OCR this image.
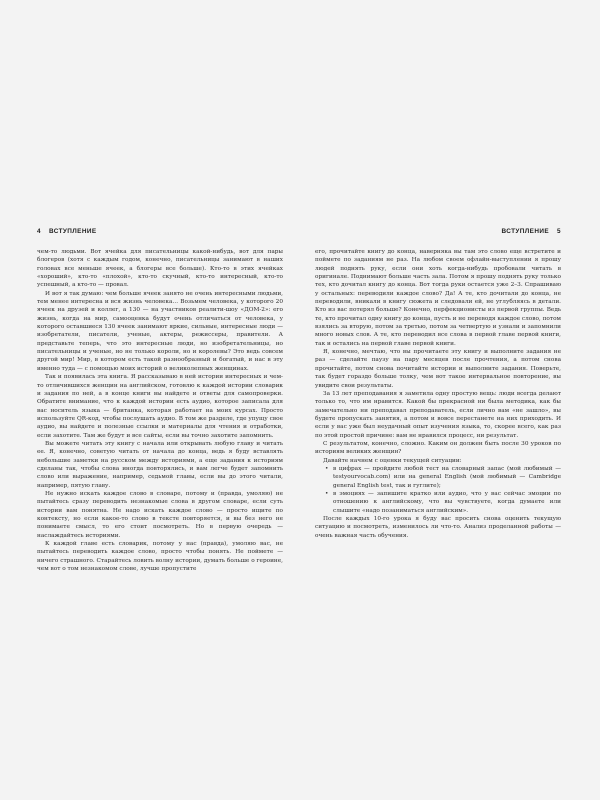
4 ВСТУПЛЕНИЕ

чем-то людьми. Вот ячейка для писательницы какой-нибудь, вот для пары блогеров (хотя с каждым годом, конечно, писательницы занимают в наших головах все меньше ячеек, а блогеры все больше). Кто-то в этих ячейках «хороший», кто-то «плохой», кто-то скучный, кто-то интересный, кто-то успешный, а кто-то — провал.

И вот я так думаю: чем больше ячеек занято не очень интересными людьми, тем менее интересна и вся жизнь человека… Возьмем человека, у которого 20 ячеек на друзей и коллег, а 130 — на участников реалити-шоу «ДОМ-2»: его жизнь, когда на мир, самооценка будут очень отличаться от человека, у которого оставшиеся 130 ячеек занимают яркие, сильные, интересные люди — изобретатели, писатели, ученые, актеры, режиссеры, правители. А представьте теперь, что это интересные люди, но изобретательницы, но писательницы и ученые, но не только короли, но и королевы? Это ведь совсем другой мир! Мир, в котором есть такой разнообразный и богатый, и нас в эту именно туда — с помощью моих историй о великолепных женщинах.

Так и появилась эта книга. Я рассказываю в ней истории интересных и чем-то отличившихся женщин на английском, готовлю к каждой истории словарик и задания по ней, а в конце книги вы найдете и ответы для самопроверки. Обратите внимание, что к каждой истории есть аудио, которое записала для вас носитель языка — британка, которая работает на моих курсах. Просто используйте QR-код, чтобы послушать аудио. В том же разделе, где упущу свое аудио, вы найдете и полезные ссылки и материалы для чтения и отработки, если захотите. Там же будут и все сайты, если вы точно захотите запомнить.

Вы можете читать эту книгу с начала или открывать любую главу и читать ее. Я, конечно, советую читать от начала до конца, ведь я буду вставлять небольшие заметки на русском между историями, а еще задания к историям сделаны так, чтобы слова иногда повторялись, и вам легче будет запомнить слово или выражение, например, седьмой главы, если вы до этого читали, например, пятую главу.

Не нужно искать каждое слово в словаре, потому и (правда, умоляю) не пытайтесь сразу переводить незнакомые слова в другом словаре, если суть истории вам понятна. Не надо искать каждое слово — просто ищите по контексту, но если какое-то слово в тексте повторяется, и вы без него не понимаете смысл, то его стоит посмотреть. Но в первую очередь — наслаждайтесь историями.

К каждой главе есть словарик, потому у нас (правда), умоляю вас, не пытайтесь переводить каждое слово, просто чтобы понять. Не поймете — ничего страшного. Старайтесь ловить волну истории, думать больше о героине, чем вот о том незнакомом слове, лучше пропустите

ВСТУПЛЕНИЕ 5

его, прочитайте книгу до конца, наверняка вы там это слово еще встретите и поймете по заданиям не раз. На любом своем офлайн-выступлении я прошу людей поднять руку, если они хоть когда-нибудь пробовали читать в оригинале. Поднимают больше часть зала. Потом я прошу поднять руку только тех, кто дочитал книгу до конца. Вот тогда руки остается уже 2–3. Спрашиваю у остальных: переводили каждое слово? Да! А те, кто дочитали до конца, не переводили, вникали в книгу сюжета и следовали ей, не углубляясь в детали. Кто из вас потерял больше? Конечно, перфекционисты из первой группы. Ведь те, кто прочитал одну книгу до конца, пусть и не переводя каждое слово, потом взялись за вторую, потом за третью, потом за четвертую и узнали и запомнили много новых слов. А те, кто переводил все слова в первой главе первой книги, так и остались на первой главе первой книги.

Я, конечно, мечтаю, что вы прочитаете эту книгу и выполните задания не раз — сделайте паузу на пару месяцев после прочтения, а потом снова прочитайте, потом снова почитайте истории и выполните задания. Поверьте, так будет гораздо больше толку, чем вот такое интервальное повторение, вы увидите свои результаты.

За 13 лет преподавания я заметила одну простую вещь: люди всегда делают только то, что им нравится. Какой бы прекрасной ни была методика, как бы замечательно ни преподавал преподаватель, если лично вам «не зашло», вы будете пропускать занятия, а потом и вовсе перестанете на них приходить. И если у вас уже был неудачный опыт изучения языка, то, скорее всего, как раз по этой простой причине: вам не нравился процесс, ни результат.

С результатом, конечно, сложно. Каким он должен быть после 30 уроков по историям великих женщин?

Давайте начнем с оценки текущей ситуации:

• в цифрах — пройдите любой тест на словарный запас (мой любимый — testyourvocab.com) или на general English (мой любимый — Cambridge general English test, так и гуглите);
• в эмоциях — запишите кратко или аудио, что у вас сейчас эмоции по отношению к английскому, что вы чувствуете, когда думаете или слышите «надо позаниматься английским».

После каждых 10-го урока я буду вас просить снова оценить текущую ситуацию и посмотреть, изменилось ли что-то. Анализ проделанной работы — очень важная часть обучения.
